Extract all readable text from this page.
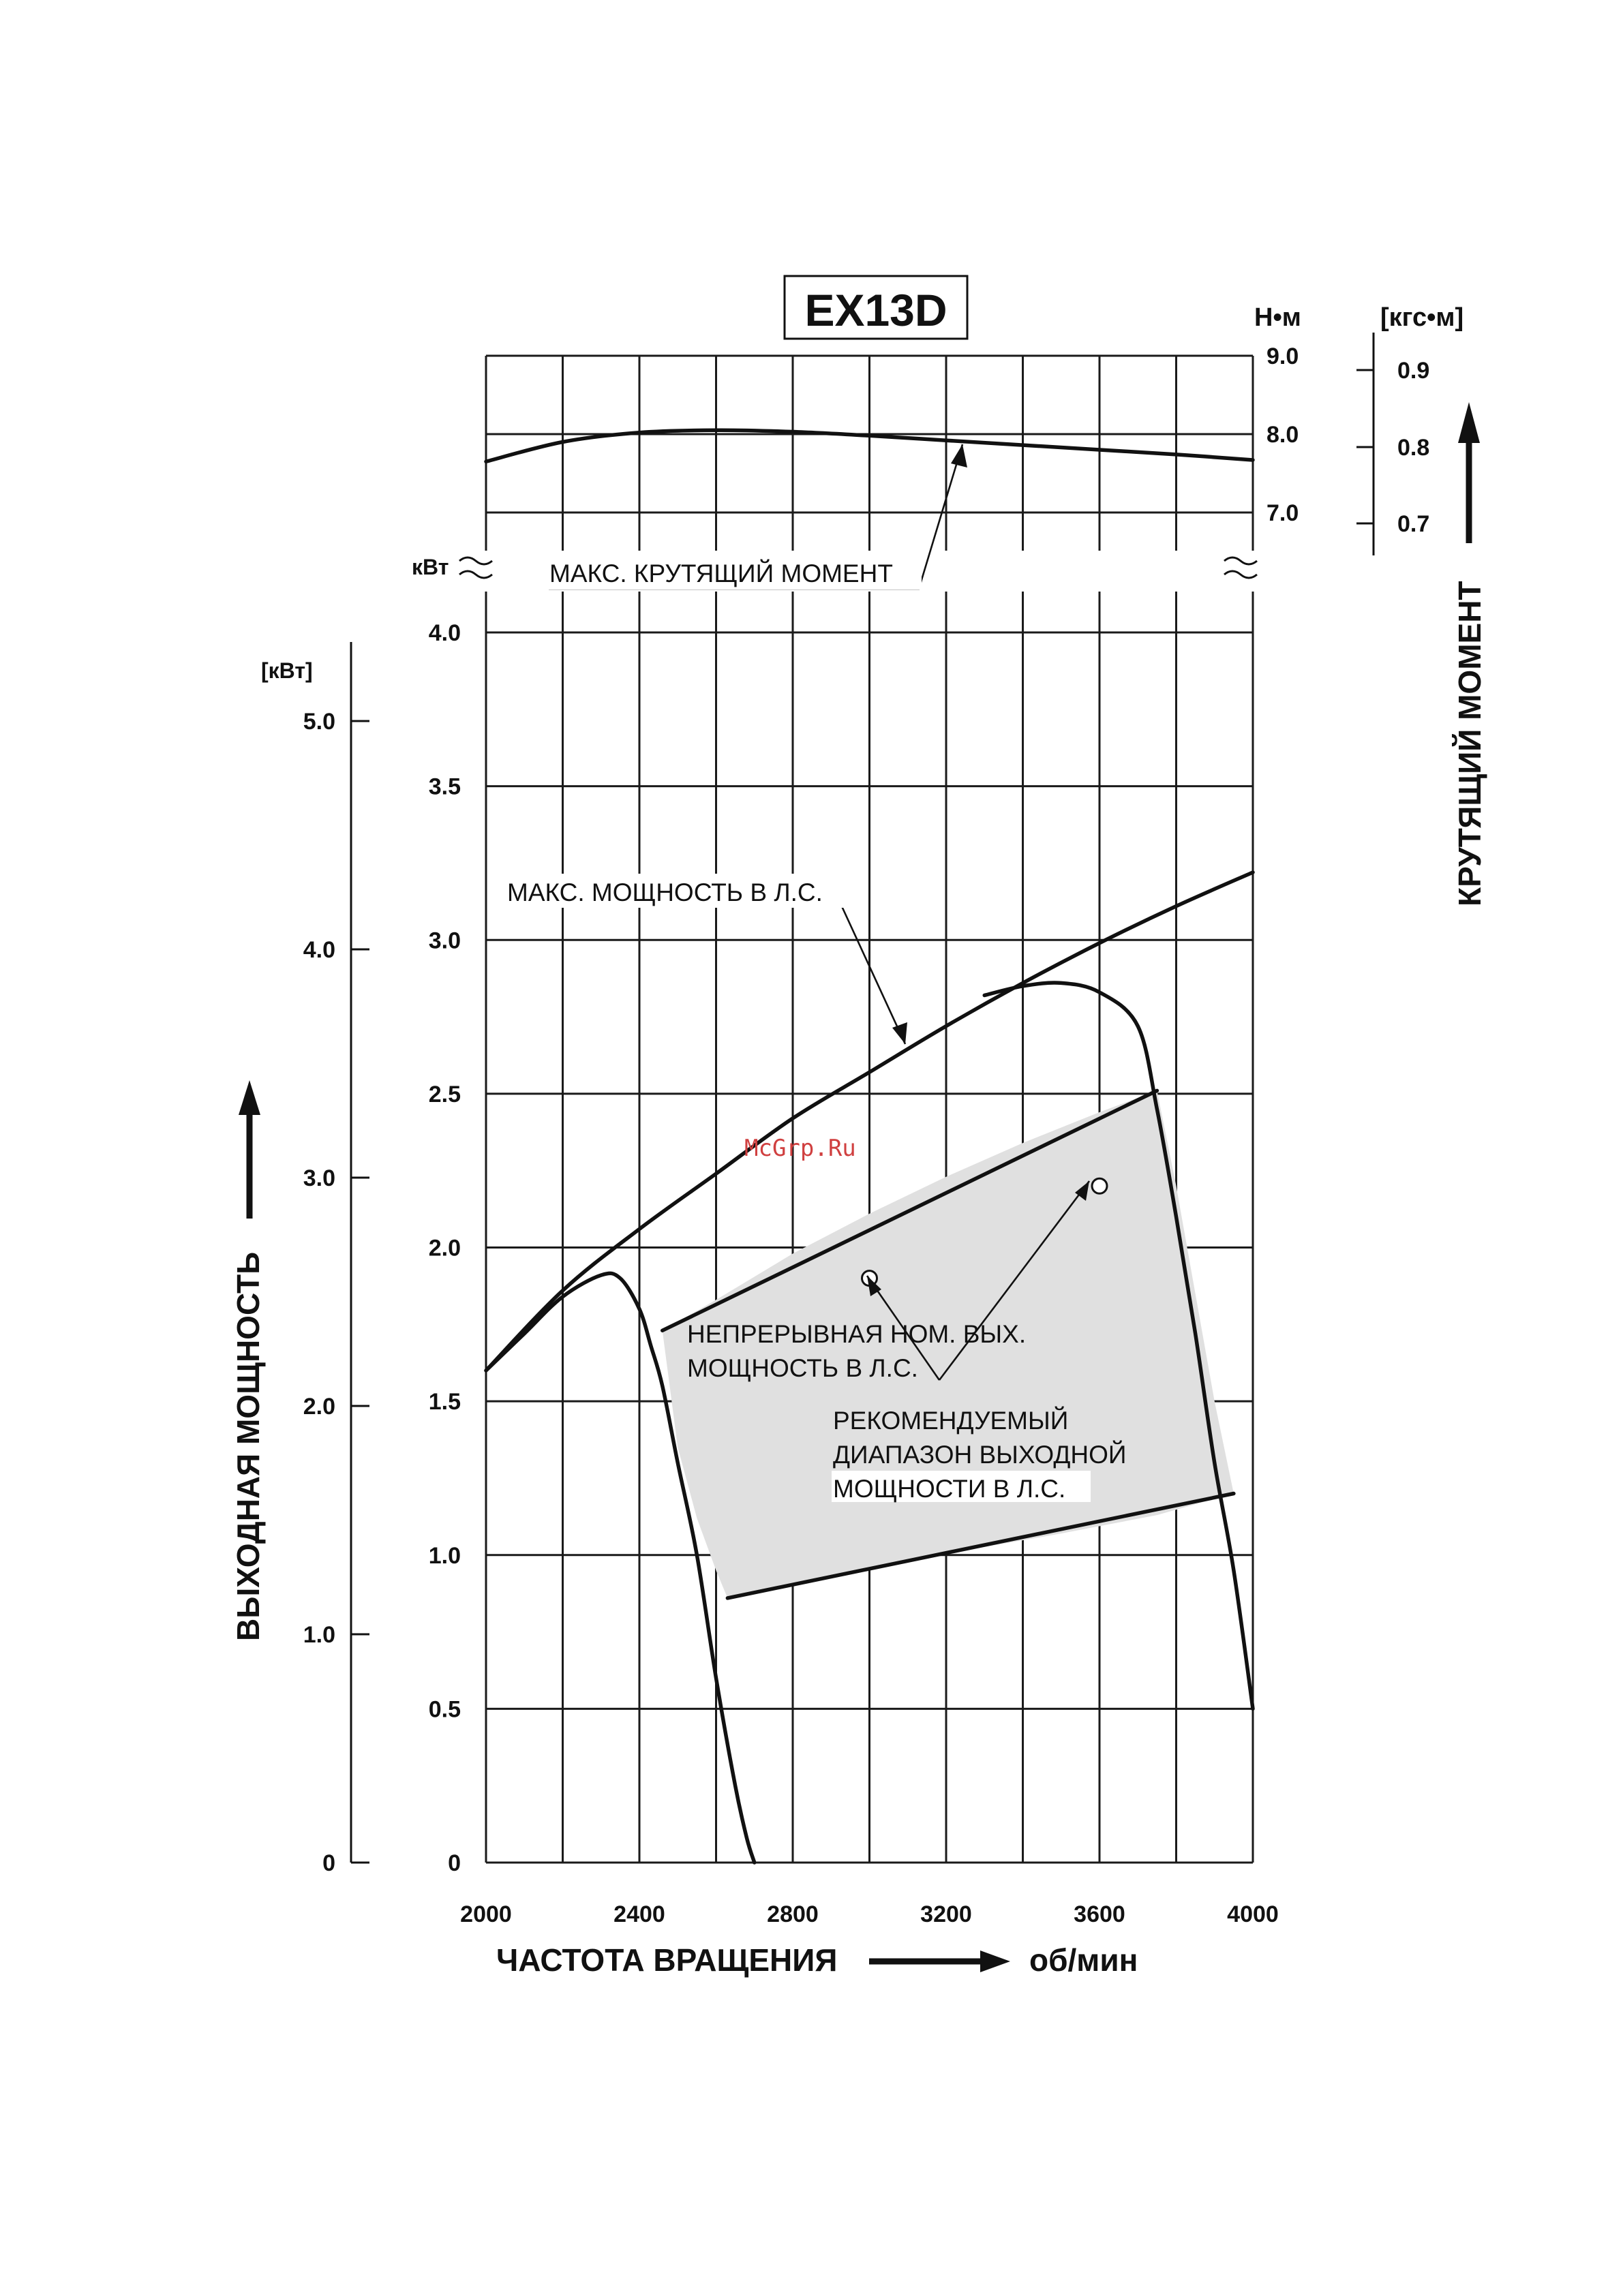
EX13D
МАКС. КРУТЯЩИЙ МОМЕНТ
МАКС. МОЩНОСТЬ В Л.С.
НЕПРЕРЫВНАЯ НОМ. ВЫХ.
МОЩНОСТЬ В Л.С.
РЕКОМЕНДУЕМЫЙ
ДИАПАЗОН ВЫХОДНОЙ
МОЩНОСТИ В Л.С.
McGrp.Ru
2000	2400	2800	3200	3600	4000
ЧАСТОТА ВРАЩЕНИЯ	об/мин
0
0.5
1.0
1.5
2.0
2.5
3.0
3.5
4.0
кВт
0
1.0
2.0
3.0
4.0
5.0
[кВт]
ВЫХОДНАЯ МОЩНОСТЬ
Н•м
7.0
8.0
9.0
[кгс•м]
0.7
0.8
0.9
КРУТЯЩИЙ МОМЕНТ
